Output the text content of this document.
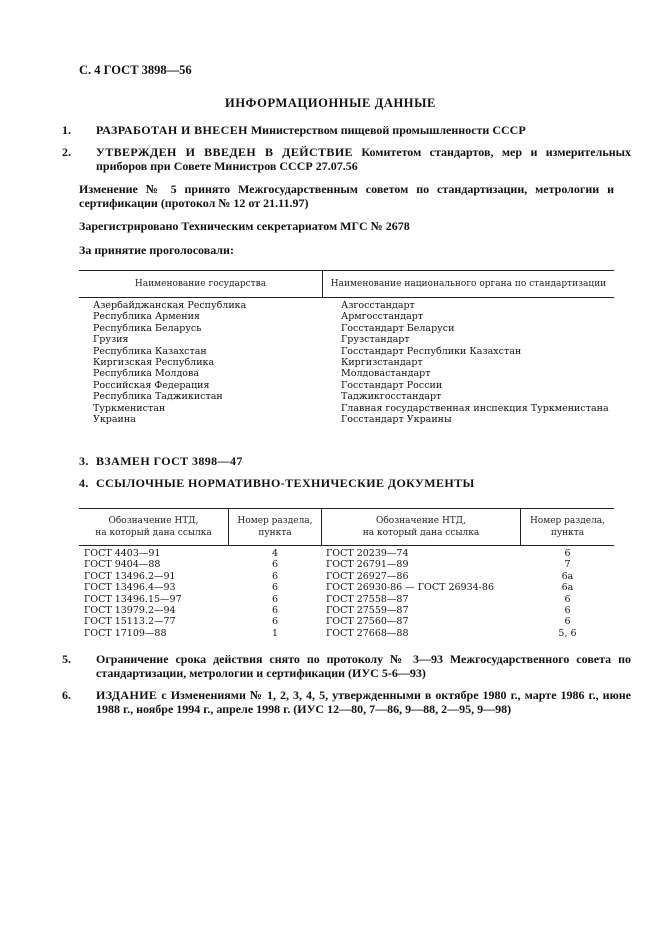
С. 4 ГОСТ 3898—56
ИНФОРМАЦИОННЫЕ ДАННЫЕ
1. РАЗРАБОТАН И ВНЕСЕН Министерством пищевой промышленности СССР
2. УТВЕРЖДЕН И ВВЕДЕН В ДЕЙСТВИЕ Комитетом стандартов, мер и измерительных приборов при Совете Министров СССР 27.07.56
Изменение № 5 принято Межгосударственным советом по стандартизации, метрологии и сертификации (протокол № 12 от 21.11.97)
Зарегистрировано Техническим секретариатом МГС № 2678
За принятие проголосовали:
Наименование государства	Наименование национального органа по стандартизации
Азербайджанская Республика
Республика Армения
Республика Беларусь
Грузия
Республика Казахстан
Киргизская Республика
Республика Молдова
Российская Федерация
Республика Таджикистан
Туркменистан
Украина
Азгосстандарт
Армгосстандарт
Госстандарт Беларуси
Грузстандарт
Госстандарт Республики Казахстан
Киргизстандарт
Молдовастандарт
Госстандарт России
Таджикгосстандарт
Главная государственная инспекция Туркменистана
Госстандарт Украины
3. ВЗАМЕН ГОСТ 3898—47
4. ССЫЛОЧНЫЕ НОРМАТИВНО-ТЕХНИЧЕСКИЕ ДОКУМЕНТЫ
Обозначение НТД,
на который дана ссылка
Номер раздела,
пункта
Обозначение НТД,
на который дана ссылка
Номер раздела,
пункта
ГОСТ 4403—91
ГОСТ 9404—88
ГОСТ 13496.2—91
ГОСТ 13496.4—93
ГОСТ 13496.15—97
ГОСТ 13979.2—94
ГОСТ 15113.2—77
ГОСТ 17109—88
4
6
6
6
6
6
6
1
ГОСТ 20239—74
ГОСТ 26791—89
ГОСТ 26927—86
ГОСТ 26930-86 — ГОСТ 26934-86
ГОСТ 27558—87
ГОСТ 27559—87
ГОСТ 27560—87
ГОСТ 27668—88
6
7
6а
6а
6
6
6
5, 6
5. Ограничение срока действия снято по протоколу № 3—93 Межгосударственного совета по стандартизации, метрологии и сертификации (ИУС 5-6—93)
6. ИЗДАНИЕ с Изменениями № 1, 2, 3, 4, 5, утвержденными в октябре 1980 г., марте 1986 г., июне 1988 г., ноябре 1994 г., апреле 1998 г. (ИУС 12—80, 7—86, 9—88, 2—95, 9—98)
